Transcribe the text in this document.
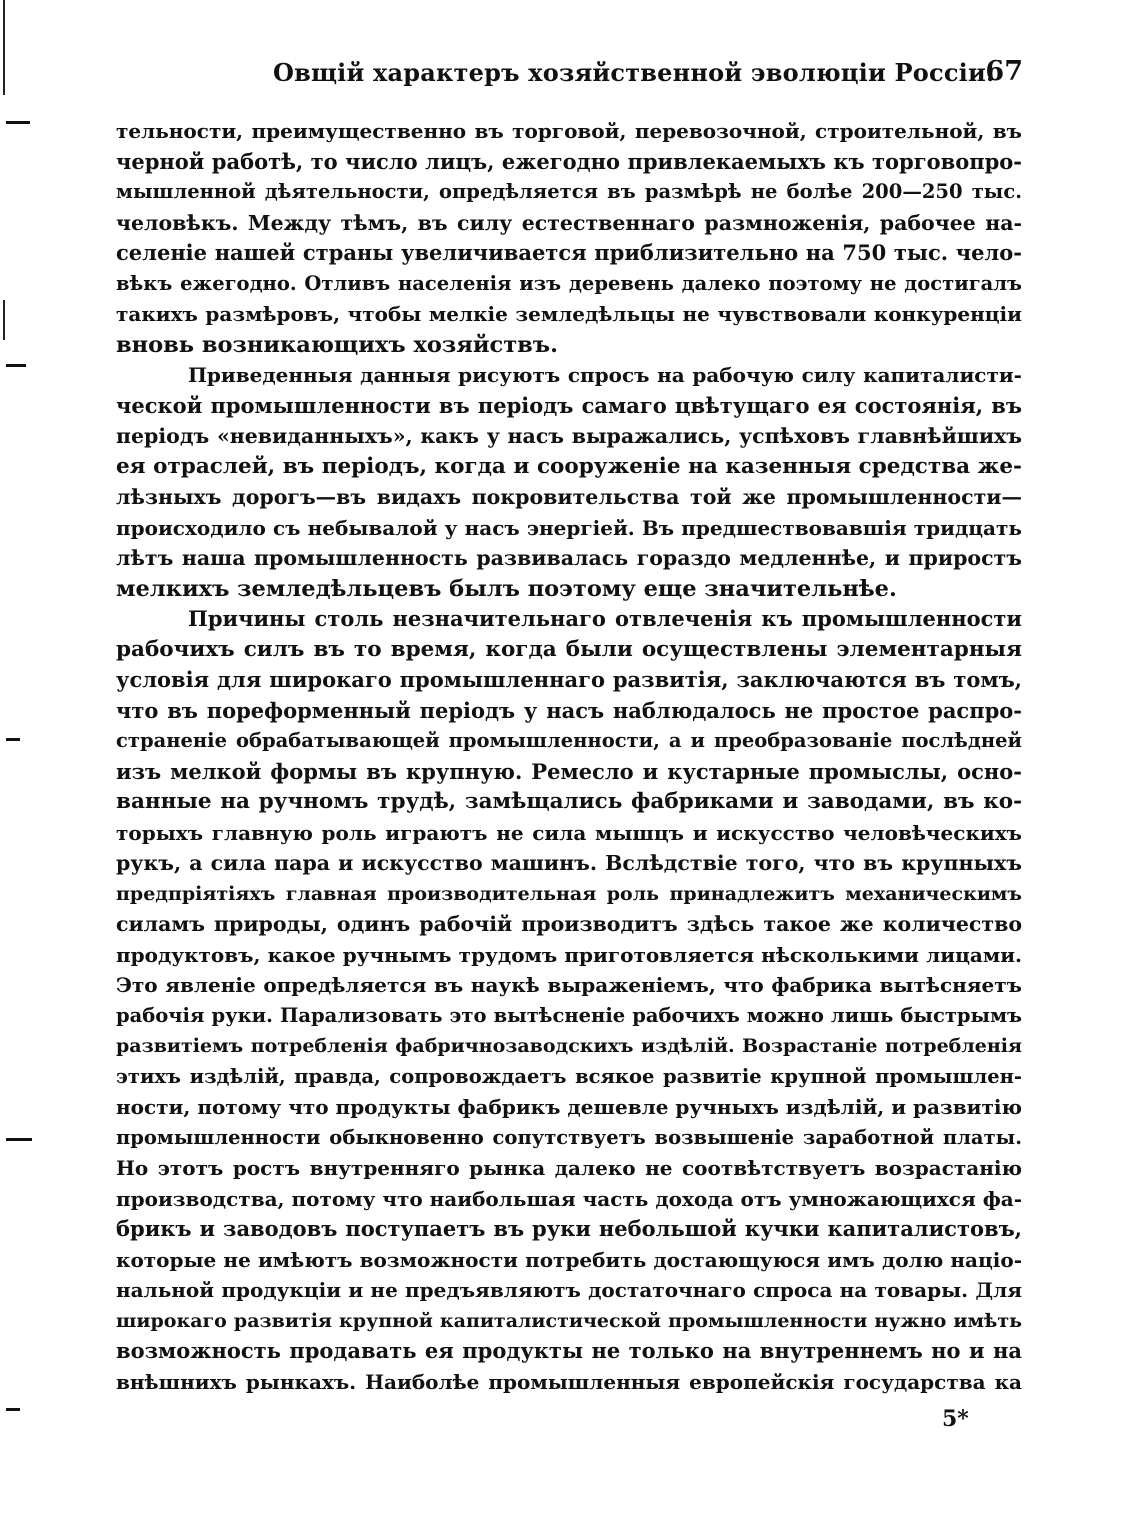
Овщій характеръ хозяйственной эволюціи Россіи.
67
тельности, преимущественно въ торговой, перевозочной, строительной, въ
черной работѣ, то число лицъ, ежегодно привлекаемыхъ къ торговопро-
мышленной дѣятельности, опредѣляется въ размѣрѣ не болѣе 200—250 тыс.
человѣкъ. Между тѣмъ, въ силу естественнаго размноженія, рабочее на-
селеніе нашей страны увеличивается приблизительно на 750 тыс. чело-
вѣкъ ежегодно. Отливъ населенія изъ деревень далеко поэтому не достигалъ
такихъ размѣровъ, чтобы мелкіе земледѣльцы не чувствовали конкуренціи
вновь возникающихъ хозяйствъ.
Приведенныя данныя рисуютъ спросъ на рабочую силу капиталисти-
ческой промышленности въ періодъ самаго цвѣтущаго ея состоянія, въ
періодъ «невиданныхъ», какъ у насъ выражались, успѣховъ главнѣйшихъ
ея отраслей, въ періодъ, когда и сооруженіе на казенныя средства же-
лѣзныхъ дорогъ—въ видахъ покровительства той же промышленности—
происходило съ небывалой у насъ энергіей. Въ предшествовавшія тридцать
лѣтъ наша промышленность развивалась гораздо медленнѣе, и приростъ
мелкихъ земледѣльцевъ былъ поэтому еще значительнѣе.
Причины столь незначительнаго отвлеченія къ промышленности
рабочихъ силъ въ то время, когда были осуществлены элементарныя
условія для широкаго промышленнаго развитія, заключаются въ томъ,
что въ пореформенный періодъ у насъ наблюдалось не простое распро-
страненіе обрабатывающей промышленности, а и преобразованіе послѣдней
изъ мелкой формы въ крупную. Ремесло и кустарные промыслы, осно-
ванные на ручномъ трудѣ, замѣщались фабриками и заводами, въ ко-
торыхъ главную роль играютъ не сила мышцъ и искусство человѣческихъ
рукъ, а сила пара и искусство машинъ. Вслѣдствіе того, что въ крупныхъ
предпріятіяхъ главная производительная роль принадлежитъ механическимъ
силамъ природы, одинъ рабочій производитъ здѣсь такое же количество
продуктовъ, какое ручнымъ трудомъ приготовляется нѣсколькими лицами.
Это явленіе опредѣляется въ наукѣ выраженіемъ, что фабрика вытѣсняетъ
рабочія руки. Парализовать это вытѣсненіе рабочихъ можно лишь быстрымъ
развитіемъ потребленія фабричнозаводскихъ издѣлій. Возрастаніе потребленія
этихъ издѣлій, правда, сопровождаетъ всякое развитіе крупной промышлен-
ности, потому что продукты фабрикъ дешевле ручныхъ издѣлій, и развитію
промышленности обыкновенно сопутствуетъ возвышеніе заработной платы.
Но этотъ ростъ внутренняго рынка далеко не соотвѣтствуетъ возрастанію
производства, потому что наибольшая часть дохода отъ умножающихся фа-
брикъ и заводовъ поступаетъ въ руки небольшой кучки капиталистовъ,
которые не имѣютъ возможности потребить достающуюся имъ долю націо-
нальной продукціи и не предъявляютъ достаточнаго спроса на товары. Для
широкаго развитія крупной капиталистической промышленности нужно имѣть
возможность продавать ея продукты не только на внутреннемъ но и на
внѣшнихъ рынкахъ. Наиболѣе промышленныя европейскія государства ка
5*
